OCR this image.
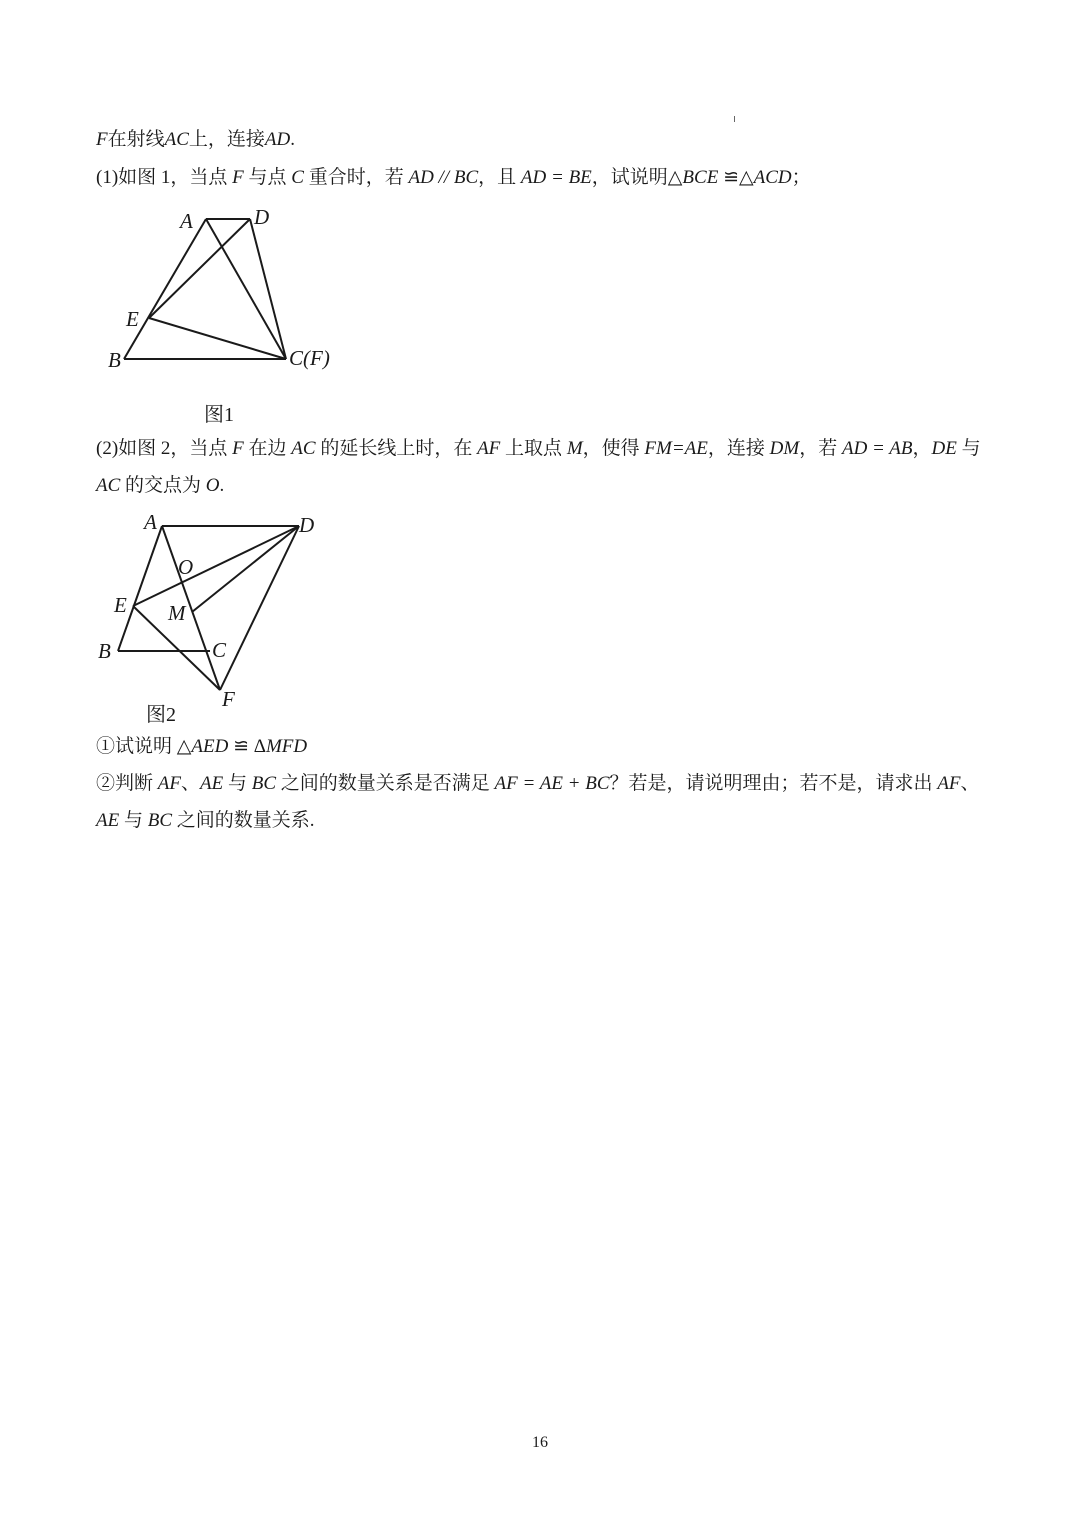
F在射线AC上，连接AD.
(1)如图 1，当点 F 与点 C 重合时，若 AD // BC，且 AD = BE，试说明△BCE ≌△ACD；
A	D
E
B	C(F)
图1
(2)如图 2，当点 F 在边 AC 的延长线上时，在 AF 上取点 M，使得 FM=AE，连接 DM，若 AD = AB，DE 与
AC 的交点为 O.
A	D
O
E M
B	C
F
图2
①试说明 △AED ≌ ΔMFD
②判断 AF、AE 与 BC 之间的数量关系是否满足 AF = AE + BC？若是，请说明理由；若不是，请求出 AF、
AE 与 BC 之间的数量关系.
16
